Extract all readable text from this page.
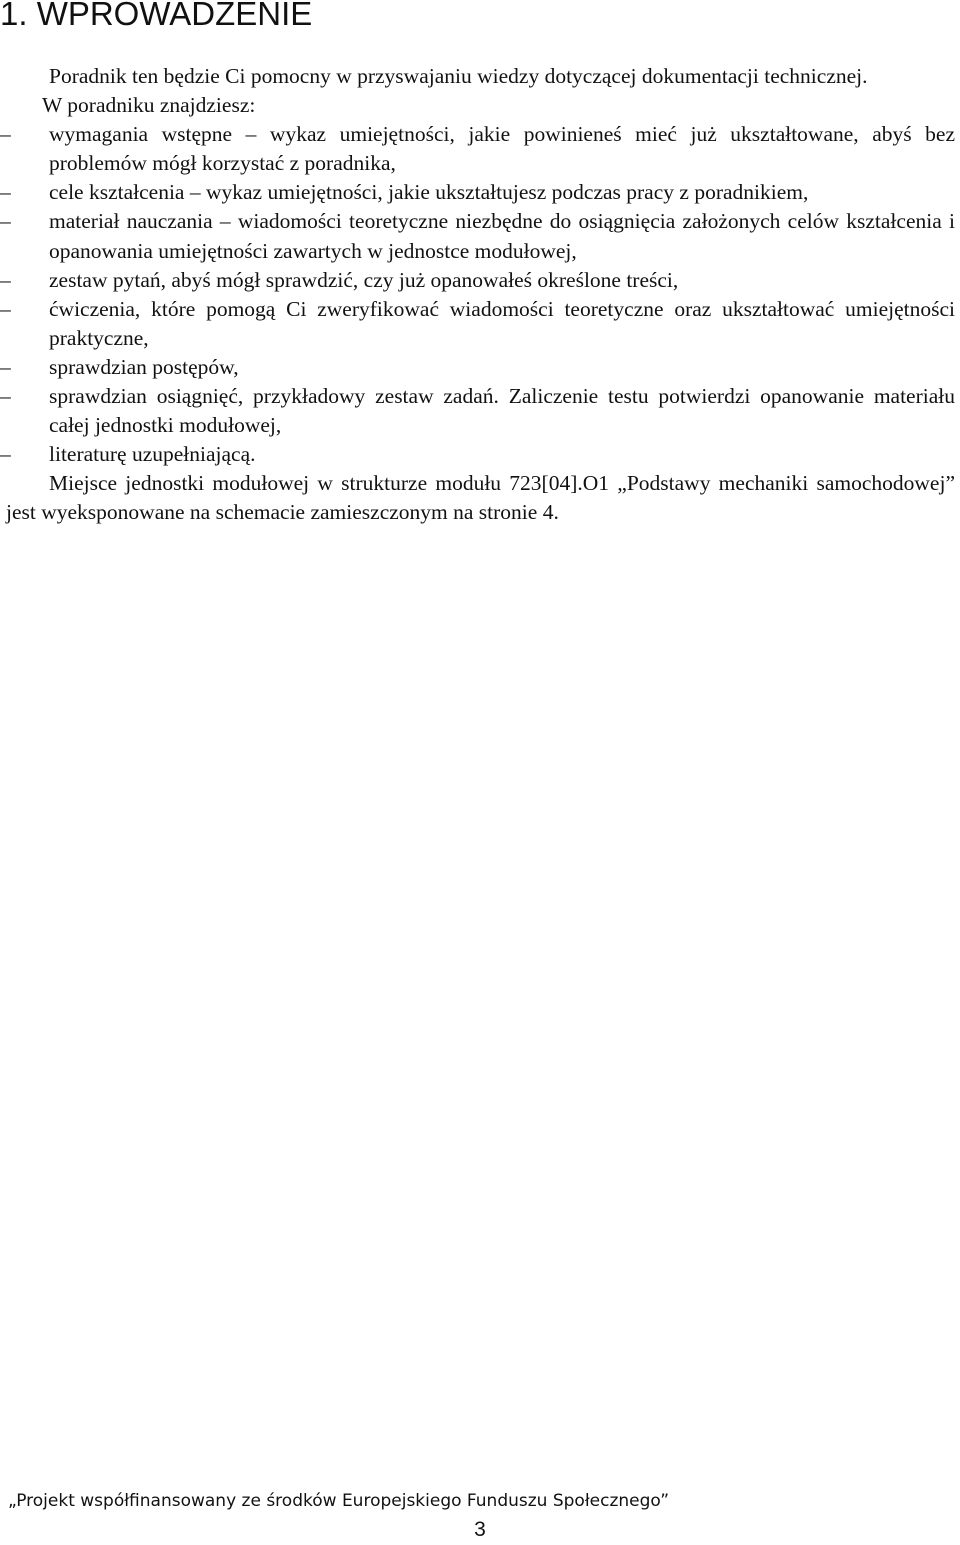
1. WPROWADZENIE

Poradnik ten będzie Ci pomocny w przyswajaniu wiedzy dotyczącej dokumentacji technicznej.

W poradniku znajdziesz:

– wymagania wstępne – wykaz umiejętności, jakie powinieneś mieć już ukształtowane, abyś bez problemów mógł korzystać z poradnika,
– cele kształcenia – wykaz umiejętności, jakie ukształtujesz podczas pracy z poradnikiem,
– materiał nauczania – wiadomości teoretyczne niezbędne do osiągnięcia założonych celów kształcenia i opanowania umiejętności zawartych w jednostce modułowej,
– zestaw pytań, abyś mógł sprawdzić, czy już opanowałeś określone treści,
– ćwiczenia, które pomogą Ci zweryfikować wiadomości teoretyczne oraz ukształtować umiejętności praktyczne,
– sprawdzian postępów,
– sprawdzian osiągnięć, przykładowy zestaw zadań. Zaliczenie testu potwierdzi opanowanie materiału całej jednostki modułowej,
– literaturę uzupełniającą.

Miejsce jednostki modułowej w strukturze modułu 723[04].O1 „Podstawy mechaniki samochodowej” jest wyeksponowane na schemacie zamieszczonym na stronie 4.

„Projekt współfinansowany ze środków Europejskiego Funduszu Społecznego”
3
